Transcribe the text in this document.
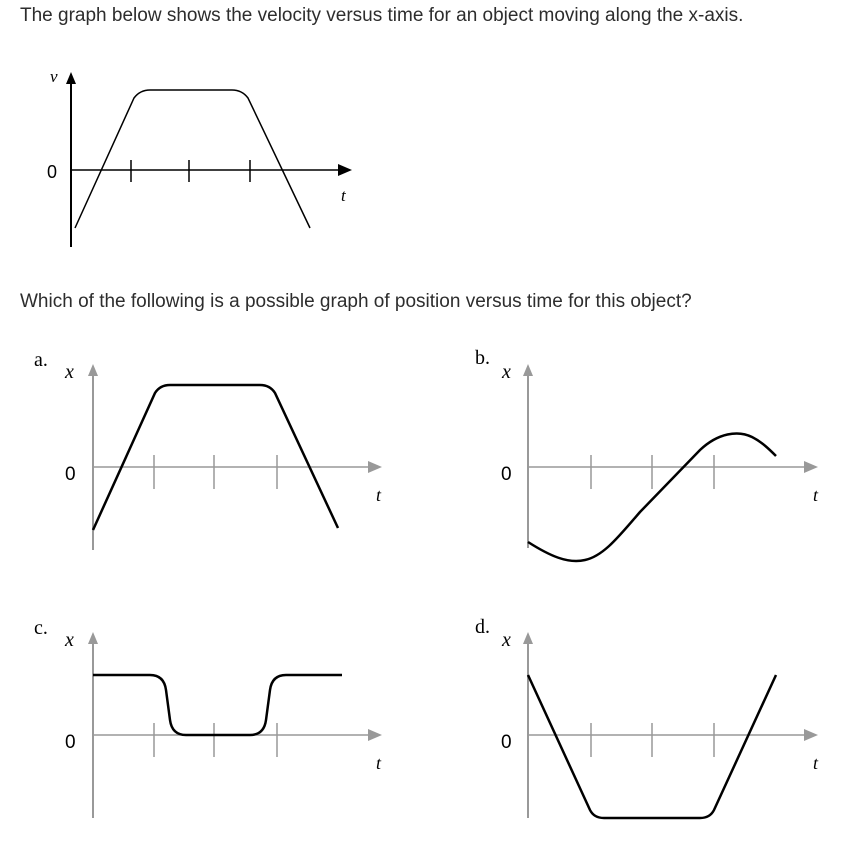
The graph below shows the velocity versus time for an object moving along the x-axis.
Which of the following is a possible graph of position versus time for this object?
v
0
t
a.
x
0
t
b.
x
0
t
c.
x
0
t
d.
x
0
t
